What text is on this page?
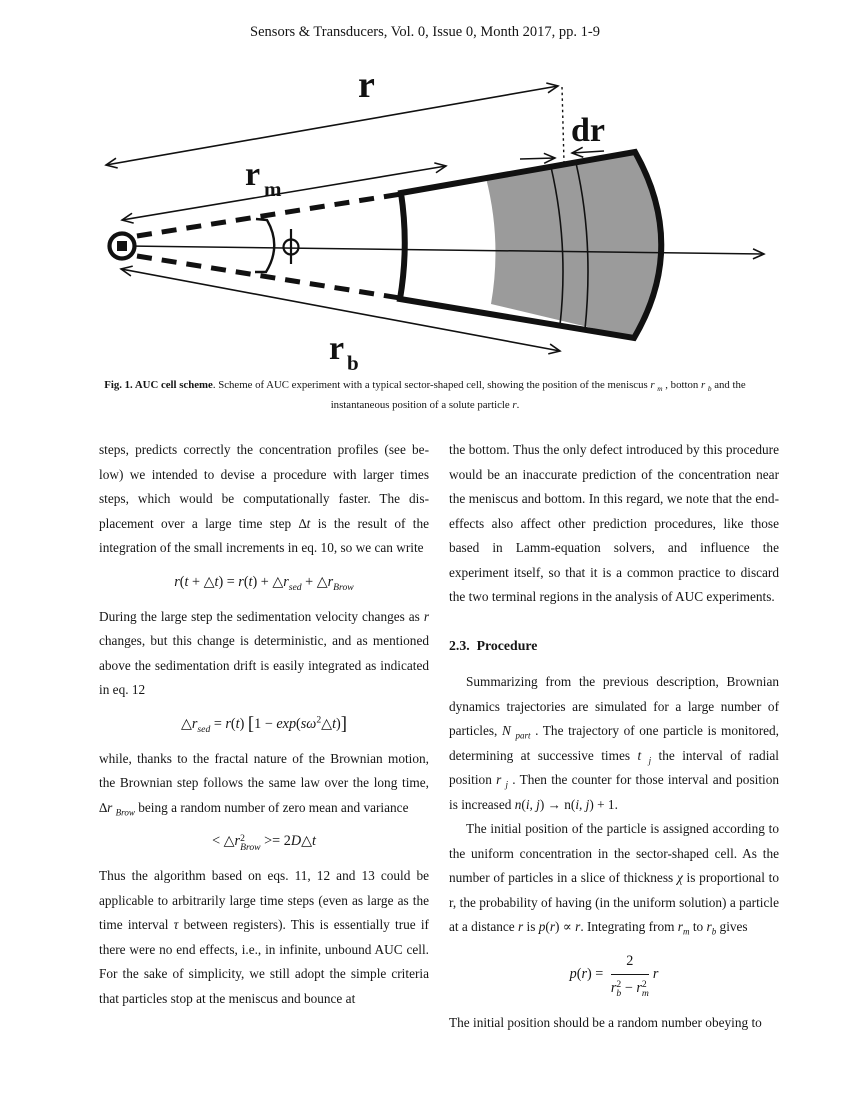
Sensors & Transducers, Vol. 0, Issue 0, Month 2017, pp. 1-9
r
r m
dr
r b
Fig. 1. AUC cell scheme. Scheme of AUC experiment with a typical sector-shaped cell, showing the position of the meniscus r $_m$ , botton r $_b$ and the instantaneous position of a solute particle r.

steps, predicts correctly the concentration profiles (see below) we intended to devise a procedure with larger times steps, which would be computationally faster. The displacement over a large time step ∆t is the result of the integration of the small increments in eq. 10, so we can write

r(t + △t) = $r(t) + \triangle r_{sed}$ + $\triangle r_{Brow}$

During the large step the sedimentation velocity changes as r changes, but this change is deterministic, and as mentioned above the sedimentation drift is easily integrated as indicated in eq. 12

$\triangle r_{sed} = r(t) [1$ − $\exp(s\omega^2\triangle t)$]

while, thanks to the fractal nature of the Brownian motion, the Brownian step follows the same law over the long time, ∆r $_{Brow}$ being a random number of zero mean and variance

< △r 2
Brow >= 2D△t

Thus the algorithm based on eqs. 11, 12 and 13 could be applicable to arbitrarily large time steps (even as large as the time interval τ between registers). This is essentially true if there were no end effects, i.e., in infinite, unbound AUC cell. For the sake of simplicity, we still adopt the simple criteria that particles stop at the meniscus and bounce at

the bottom. Thus the only defect introduced by this procedure would be an inaccurate prediction of the concentration near the meniscus and bottom. In this regard, we note that the end-effects also affect other prediction procedures, like those based in Lamm-equation solvers, and influence the experiment itself, so that it is a common practice to discard the two terminal regions in the analysis of AUC experiments.

2.3.  Procedure

Summarizing from the previous description, Brownian dynamics trajectories are simulated for a large number of particles, N $_{part}$ . The trajectory of one particle is monitored, determining at successive times t $_j$ the interval of radial position r $_j$ . Then the counter for those interval and position is increased n(i, j) → n(i, j) + 1.

The initial position of the particle is assigned according to the uniform concentration in the sector-shaped cell. As the number of particles in a slice of thickness χ is proportional to r, the probability of having (in the uniform solution) a particle at a distance r is p(r) ∝ r. Integrating from $r_m$ to $r_b$ gives

p(r) = 2
r 2
b − r 2
m r

The initial position should be a random number obeying to
